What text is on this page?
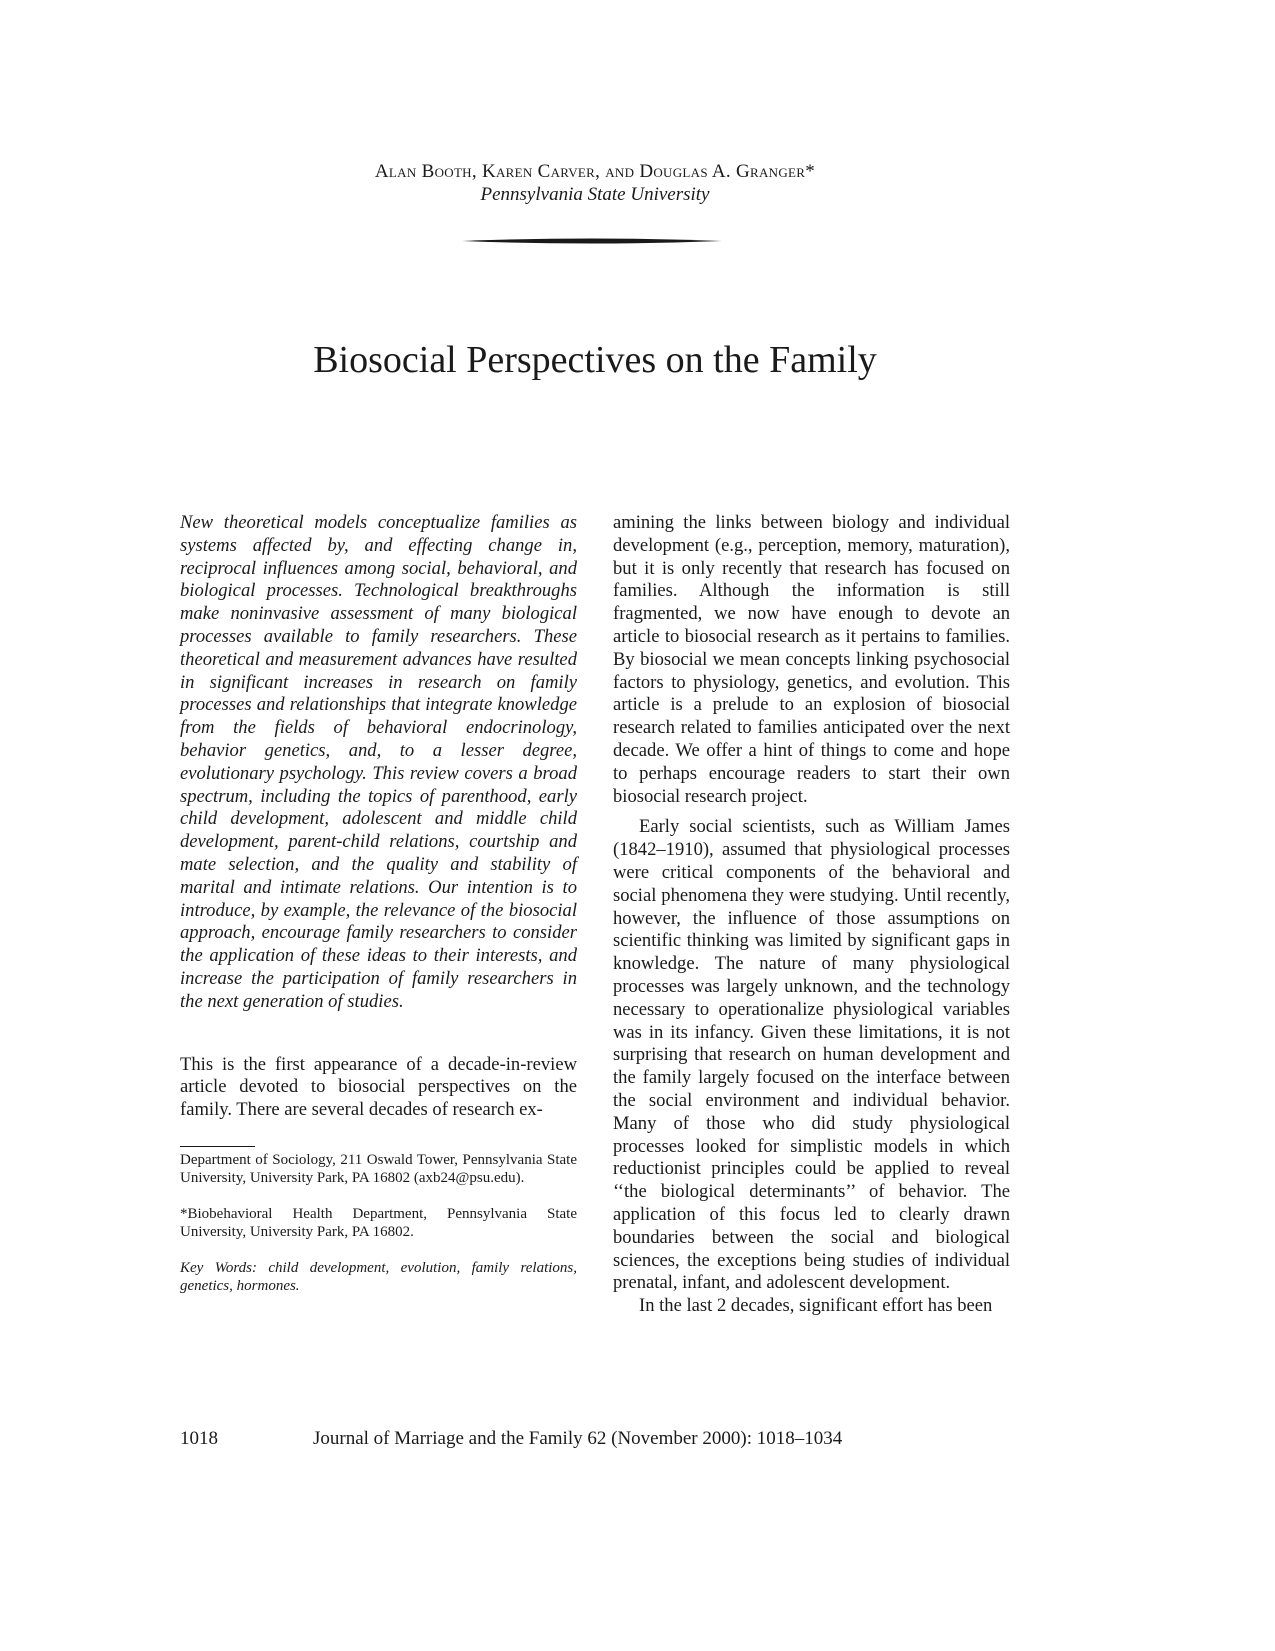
Alan Booth, Karen Carver, and Douglas A. Granger*
Pennsylvania State University
Biosocial Perspectives on the Family

New theoretical models conceptualize families as systems affected by, and effecting change in, reciprocal influences among social, behavioral, and biological processes. Technological breakthroughs make noninvasive assessment of many biological processes available to family researchers. These theoretical and measurement advances have resulted in significant increases in research on family processes and relationships that integrate knowledge from the fields of behavioral endocrinology, behavior genetics, and, to a lesser degree, evolutionary psychology. This review covers a broad spectrum, including the topics of parenthood, early child development, adolescent and middle child development, parent-child relations, courtship and mate selection, and the quality and stability of marital and intimate relations. Our intention is to introduce, by example, the relevance of the biosocial approach, encourage family researchers to consider the application of these ideas to their interests, and increase the participation of family researchers in the next generation of studies.

This is the first appearance of a decade-in-review article devoted to biosocial perspectives on the family. There are several decades of research ex-

Department of Sociology, 211 Oswald Tower, Pennsylvania State University, University Park, PA 16802 (axb24@psu.edu).

*Biobehavioral Health Department, Pennsylvania State University, University Park, PA 16802.

Key Words: child development, evolution, family relations, genetics, hormones.

amining the links between biology and individual development (e.g., perception, memory, maturation), but it is only recently that research has focused on families. Although the information is still fragmented, we now have enough to devote an article to biosocial research as it pertains to families. By biosocial we mean concepts linking psychosocial factors to physiology, genetics, and evolution. This article is a prelude to an explosion of biosocial research related to families anticipated over the next decade. We offer a hint of things to come and hope to perhaps encourage readers to start their own biosocial research project.

Early social scientists, such as William James (1842–1910), assumed that physiological processes were critical components of the behavioral and social phenomena they were studying. Until recently, however, the influence of those assumptions on scientific thinking was limited by significant gaps in knowledge. The nature of many physiological processes was largely unknown, and the technology necessary to operationalize physiological variables was in its infancy. Given these limitations, it is not surprising that research on human development and the family largely focused on the interface between the social environment and individual behavior. Many of those who did study physiological processes looked for simplistic models in which reductionist principles could be applied to reveal ‘‘the biological determinants’’ of behavior. The application of this focus led to clearly drawn boundaries between the social and biological sciences, the exceptions being studies of individual prenatal, infant, and adolescent development.

In the last 2 decades, significant effort has been

1018	Journal of Marriage and the Family 62 (November 2000): 1018–1034
